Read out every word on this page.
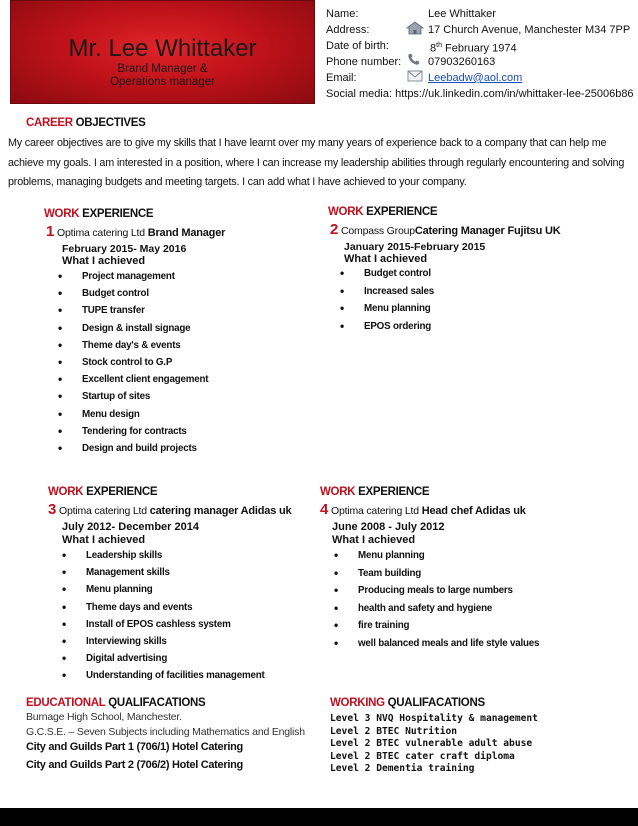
Mr. Lee Whittaker
Brand Manager &
Operations manager
Name:	Lee Whittaker
Address:	17 Church Avenue, Manchester M34 7PP
Date of birth:	8th February 1974
Phone number: 07903260163
Email:	Leebadw@aol.com
Social media: https://uk.linkedin.com/in/whittaker-lee-25006b86
CAREER OBJECTIVES
My career objectives are to give my skills that I have learnt over my many years of experience back to a company that can help me achieve my goals. I am interested in a position, where I can increase my leadership abilities through regularly encountering and solving problems, managing budgets and meeting targets. I can add what I have achieved to your company.
WORK EXPERIENCE
1 Optima catering Ltd Brand Manager
February 2015- May 2016
What I achieved
• Project management
• Budget control
• TUPE transfer
• Design & install signage
• Theme day's & events
• Stock control to G.P
• Excellent client engagement
• Startup of sites
• Menu design
• Tendering for contracts
• Design and build projects
WORK EXPERIENCE
2 Compass GroupCatering Manager Fujitsu UK
January 2015-February 2015
What I achieved
• Budget control
• Increased sales
• Menu planning
• EPOS ordering
WORK EXPERIENCE
3 Optima catering Ltd catering manager Adidas uk
July 2012- December 2014
What I achieved
• Leadership skills
• Management skills
• Menu planning
• Theme days and events
• Install of EPOS cashless system
• Interviewing skills
• Digital advertising
• Understanding of facilities management
WORK EXPERIENCE
4 Optima catering Ltd Head chef Adidas uk
June 2008 - July 2012
What I achieved
• Menu planning
• Team building
• Producing meals to large numbers
• health and safety and hygiene
• fire training
• well balanced meals and life style values
EDUCATIONAL QUALIFACATIONS
Burnage High School, Manchester.
G.C.S.E. – Seven Subjects including Mathematics and English
City and Guilds Part 1 (706/1) Hotel Catering
City and Guilds Part 2 (706/2) Hotel Catering
WORKING QUALIFACATIONS
Level 3 NVQ Hospitality & management
Level 2 BTEC Nutrition
Level 2 BTEC vulnerable adult abuse
Level 2 BTEC cater craft diploma
Level 2 Dementia training
